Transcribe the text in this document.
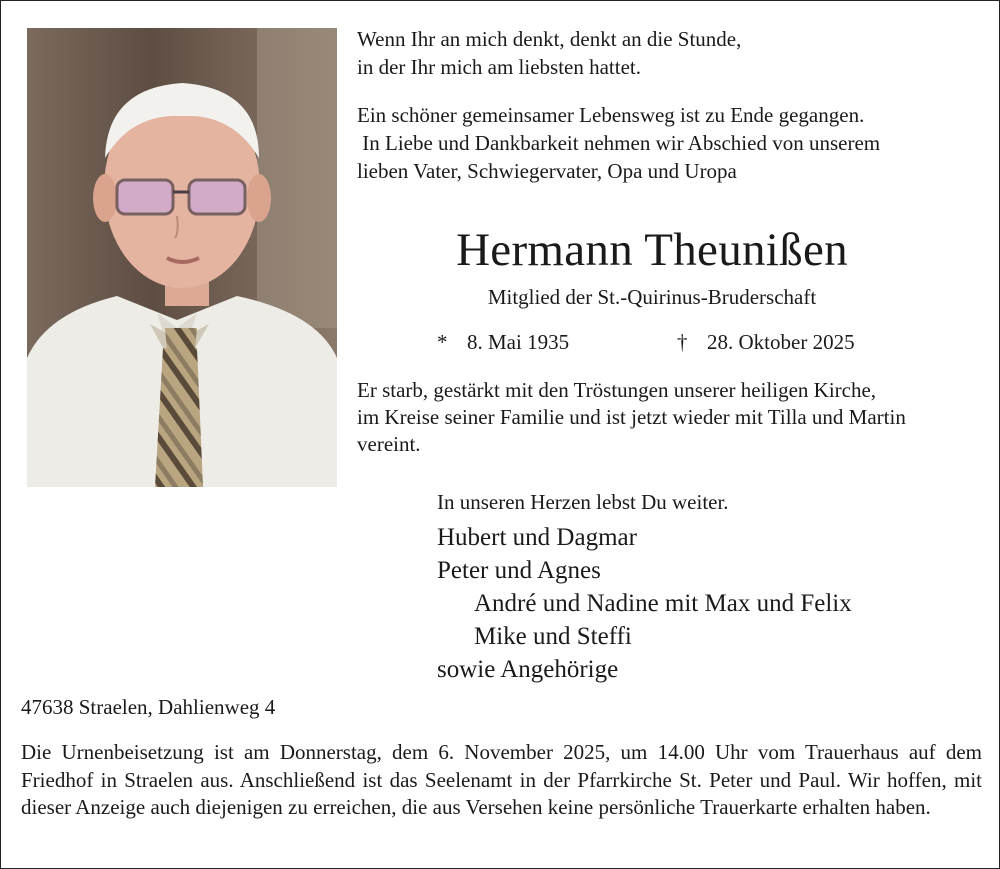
Wenn Ihr an mich denkt, denkt an die Stunde,
in der Ihr mich am liebsten hattet.

Ein schöner gemeinsamer Lebensweg ist zu Ende gegangen.
In Liebe und Dankbarkeit nehmen wir Abschied von unserem
lieben Vater, Schwiegervater, Opa und Uropa

Hermann Theunißen

Mitglied der St.-Quirinus-Bruderschaft

* 8. Mai 1935	† 28. Oktober 2025

Er starb, gestärkt mit den Tröstungen unserer heiligen Kirche,
im Kreise seiner Familie und ist jetzt wieder mit Tilla und Martin
vereint.

In unseren Herzen lebst Du weiter.

Hubert und Dagmar
Peter und Agnes
André und Nadine mit Max und Felix
Mike und Steffi
sowie Angehörige

47638 Straelen, Dahlienweg 4

Die Urnenbeisetzung ist am Donnerstag, dem 6. November 2025, um 14.00 Uhr vom Trauerhaus auf dem Friedhof in Straelen aus. Anschließend ist das Seelenamt in der Pfarrkirche St. Peter und Paul. Wir hoffen, mit dieser Anzeige auch diejenigen zu erreichen, die aus Versehen keine persönliche Trauerkarte erhalten haben.
